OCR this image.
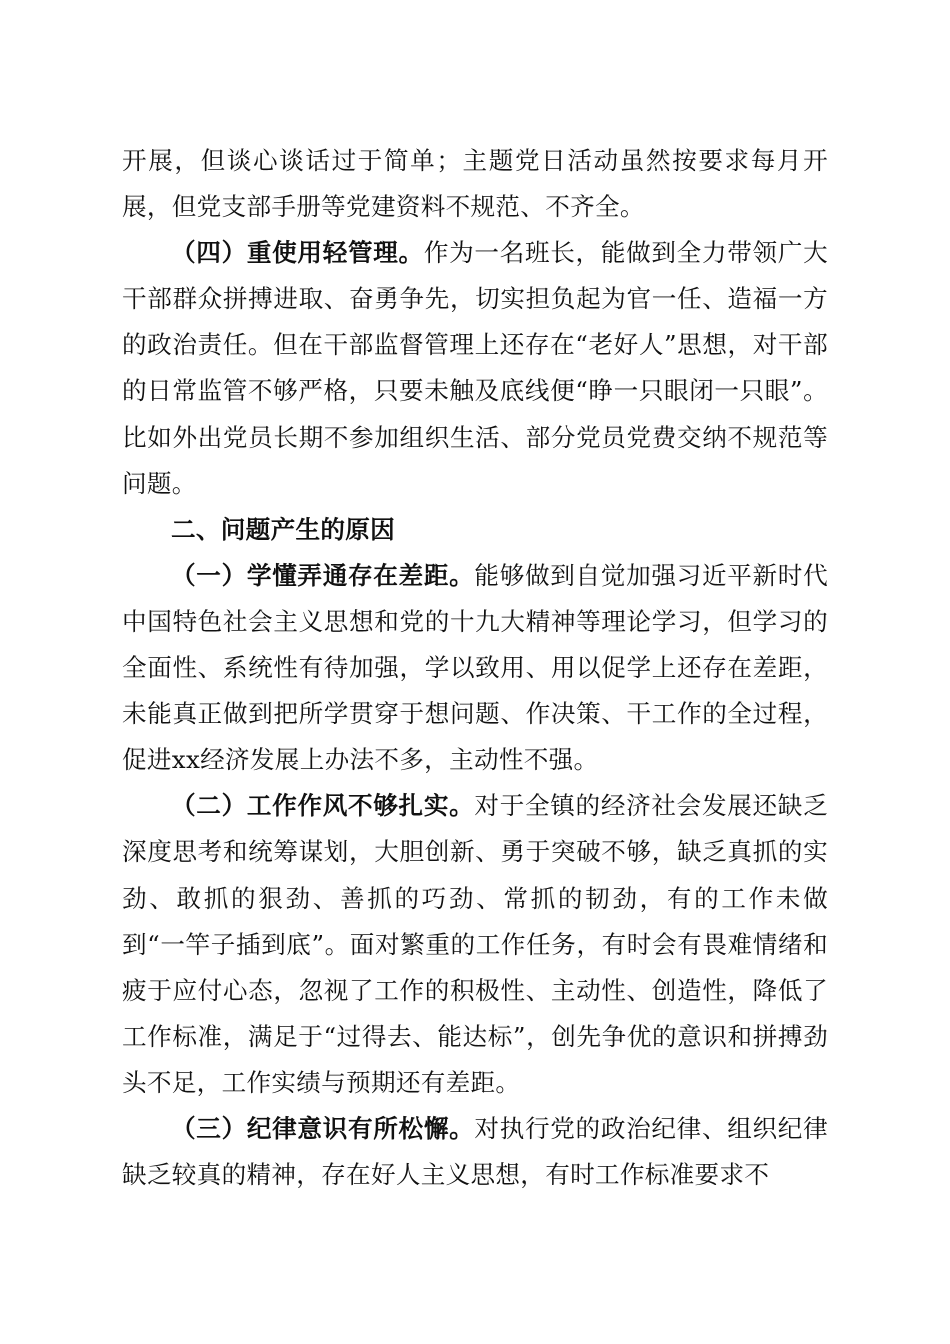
开展，但谈心谈话过于简单；主题党日活动虽然按要求每月开展，但党支部手册等党建资料不规范、不齐全。

（四）重使用轻管理。作为一名班长，能做到全力带领广大干部群众拼搏进取、奋勇争先，切实担负起为官一任、造福一方的政治责任。但在干部监督管理上还存在“老好人”思想，对干部的日常监管不够严格，只要未触及底线便“睁一只眼闭一只眼”。比如外出党员长期不参加组织生活、部分党员党费交纳不规范等问题。

二、问题产生的原因

（一）学懂弄通存在差距。能够做到自觉加强习近平新时代中国特色社会主义思想和党的十九大精神等理论学习，但学习的全面性、系统性有待加强，学以致用、用以促学上还存在差距，未能真正做到把所学贯穿于想问题、作决策、干工作的全过程，促进xx经济发展上办法不多，主动性不强。

（二）工作作风不够扎实。对于全镇的经济社会发展还缺乏深度思考和统筹谋划，大胆创新、勇于突破不够，缺乏真抓的实劲、敢抓的狠劲、善抓的巧劲、常抓的韧劲，有的工作未做到“一竿子插到底”。面对繁重的工作任务，有时会有畏难情绪和疲于应付心态，忽视了工作的积极性、主动性、创造性，降低了工作标准，满足于“过得去、能达标”，创先争优的意识和拼搏劲头不足，工作实绩与预期还有差距。

（三）纪律意识有所松懈。对执行党的政治纪律、组织纪律缺乏较真的精神，存在好人主义思想，有时工作标准要求不
